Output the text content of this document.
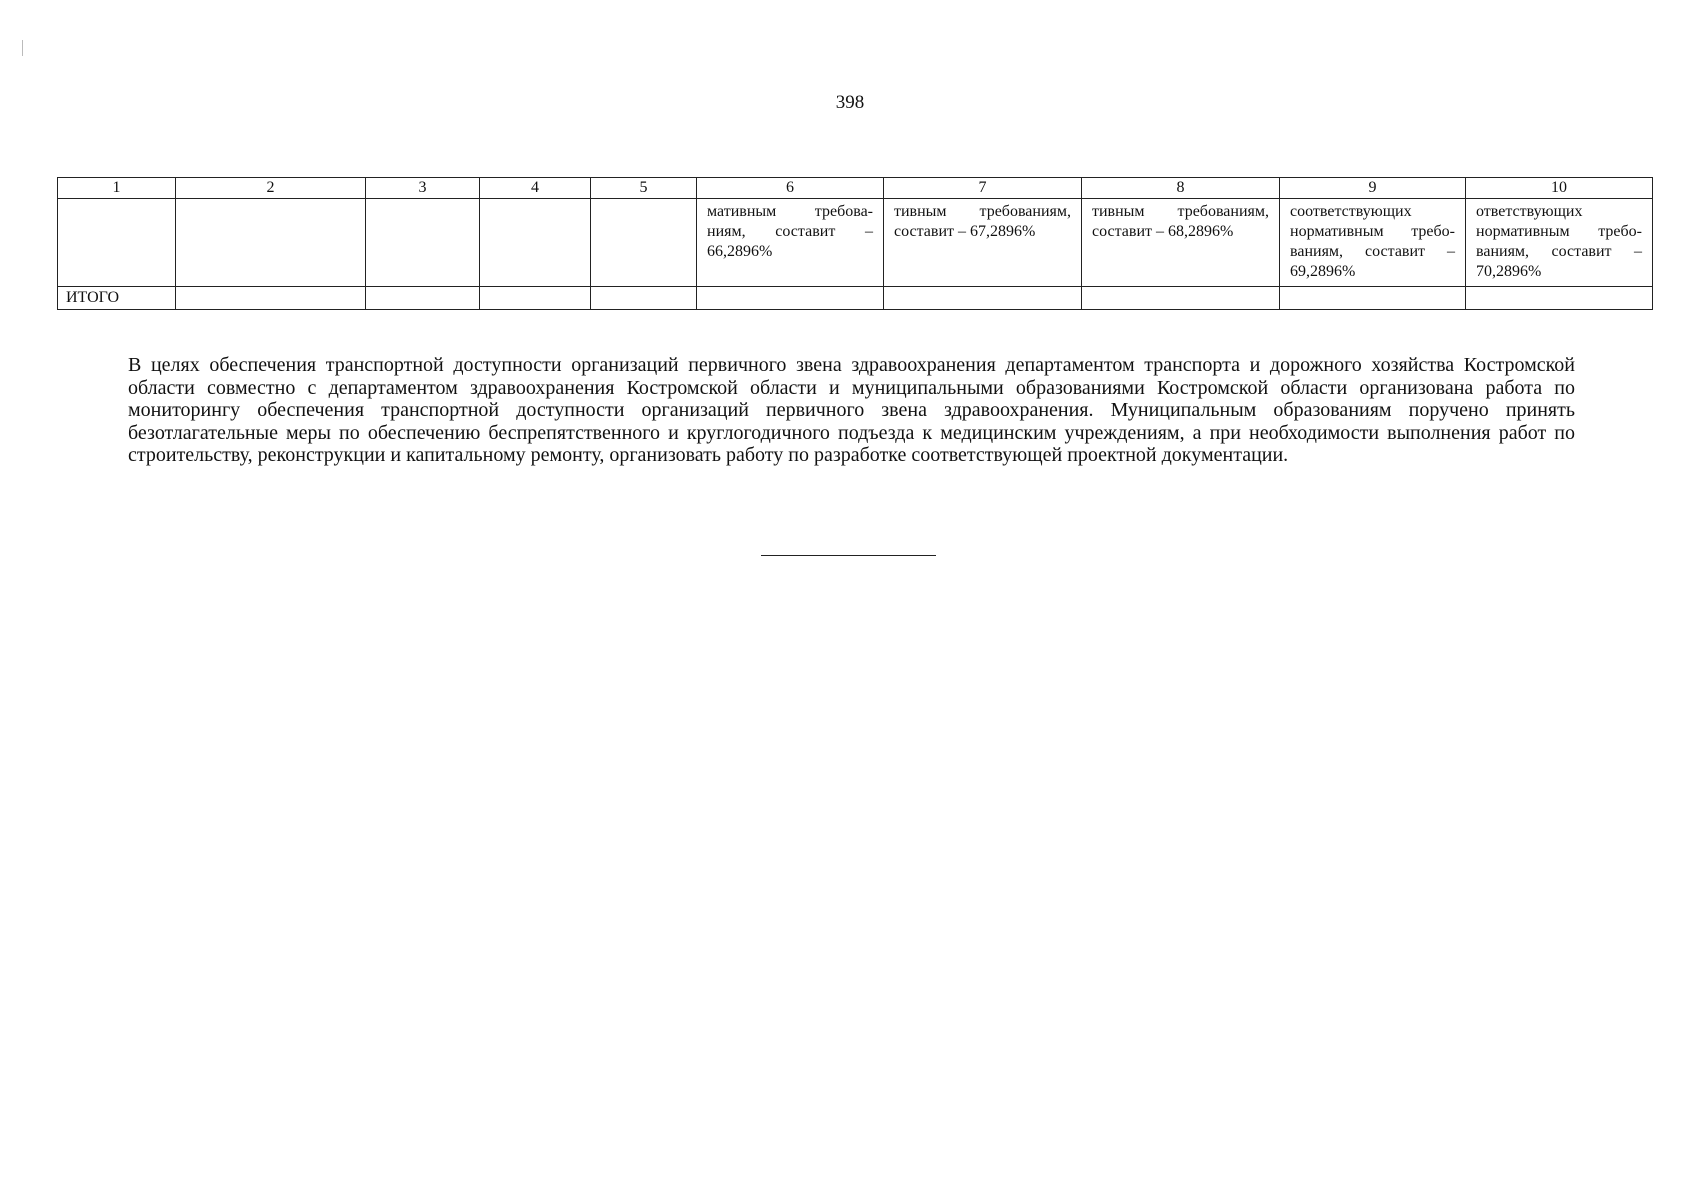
398
1	2	3	4	5	6	7	8	9	10
					мативным требова-ниям, составит – 66,2896%	тивным требованиям, составит – 67,2896%	тивным требованиям, составит – 68,2896%	соответствующих нормативным требо-ваниям, составит – 69,2896%	ответствующих нормативным требо-ваниям, составит – 70,2896%
ИТОГО									

В целях обеспечения транспортной доступности организаций первичного звена здравоохранения департаментом транспорта и дорожного хозяйства Костромской области совместно с департаментом здравоохранения Костромской области и муниципальными образованиями Костромской области организована работа по мониторингу обеспечения транспортной доступности организаций первичного звена здравоохранения. Муниципальным образованиям поручено принять безотлагательные меры по обеспечению беспрепятственного и круглогодичного подъезда к медицинским учреждениям, а при необходимости выполнения работ по строительству, реконструкции и капитальному ремонту, организовать работу по разработке соответствующей проектной документации.
